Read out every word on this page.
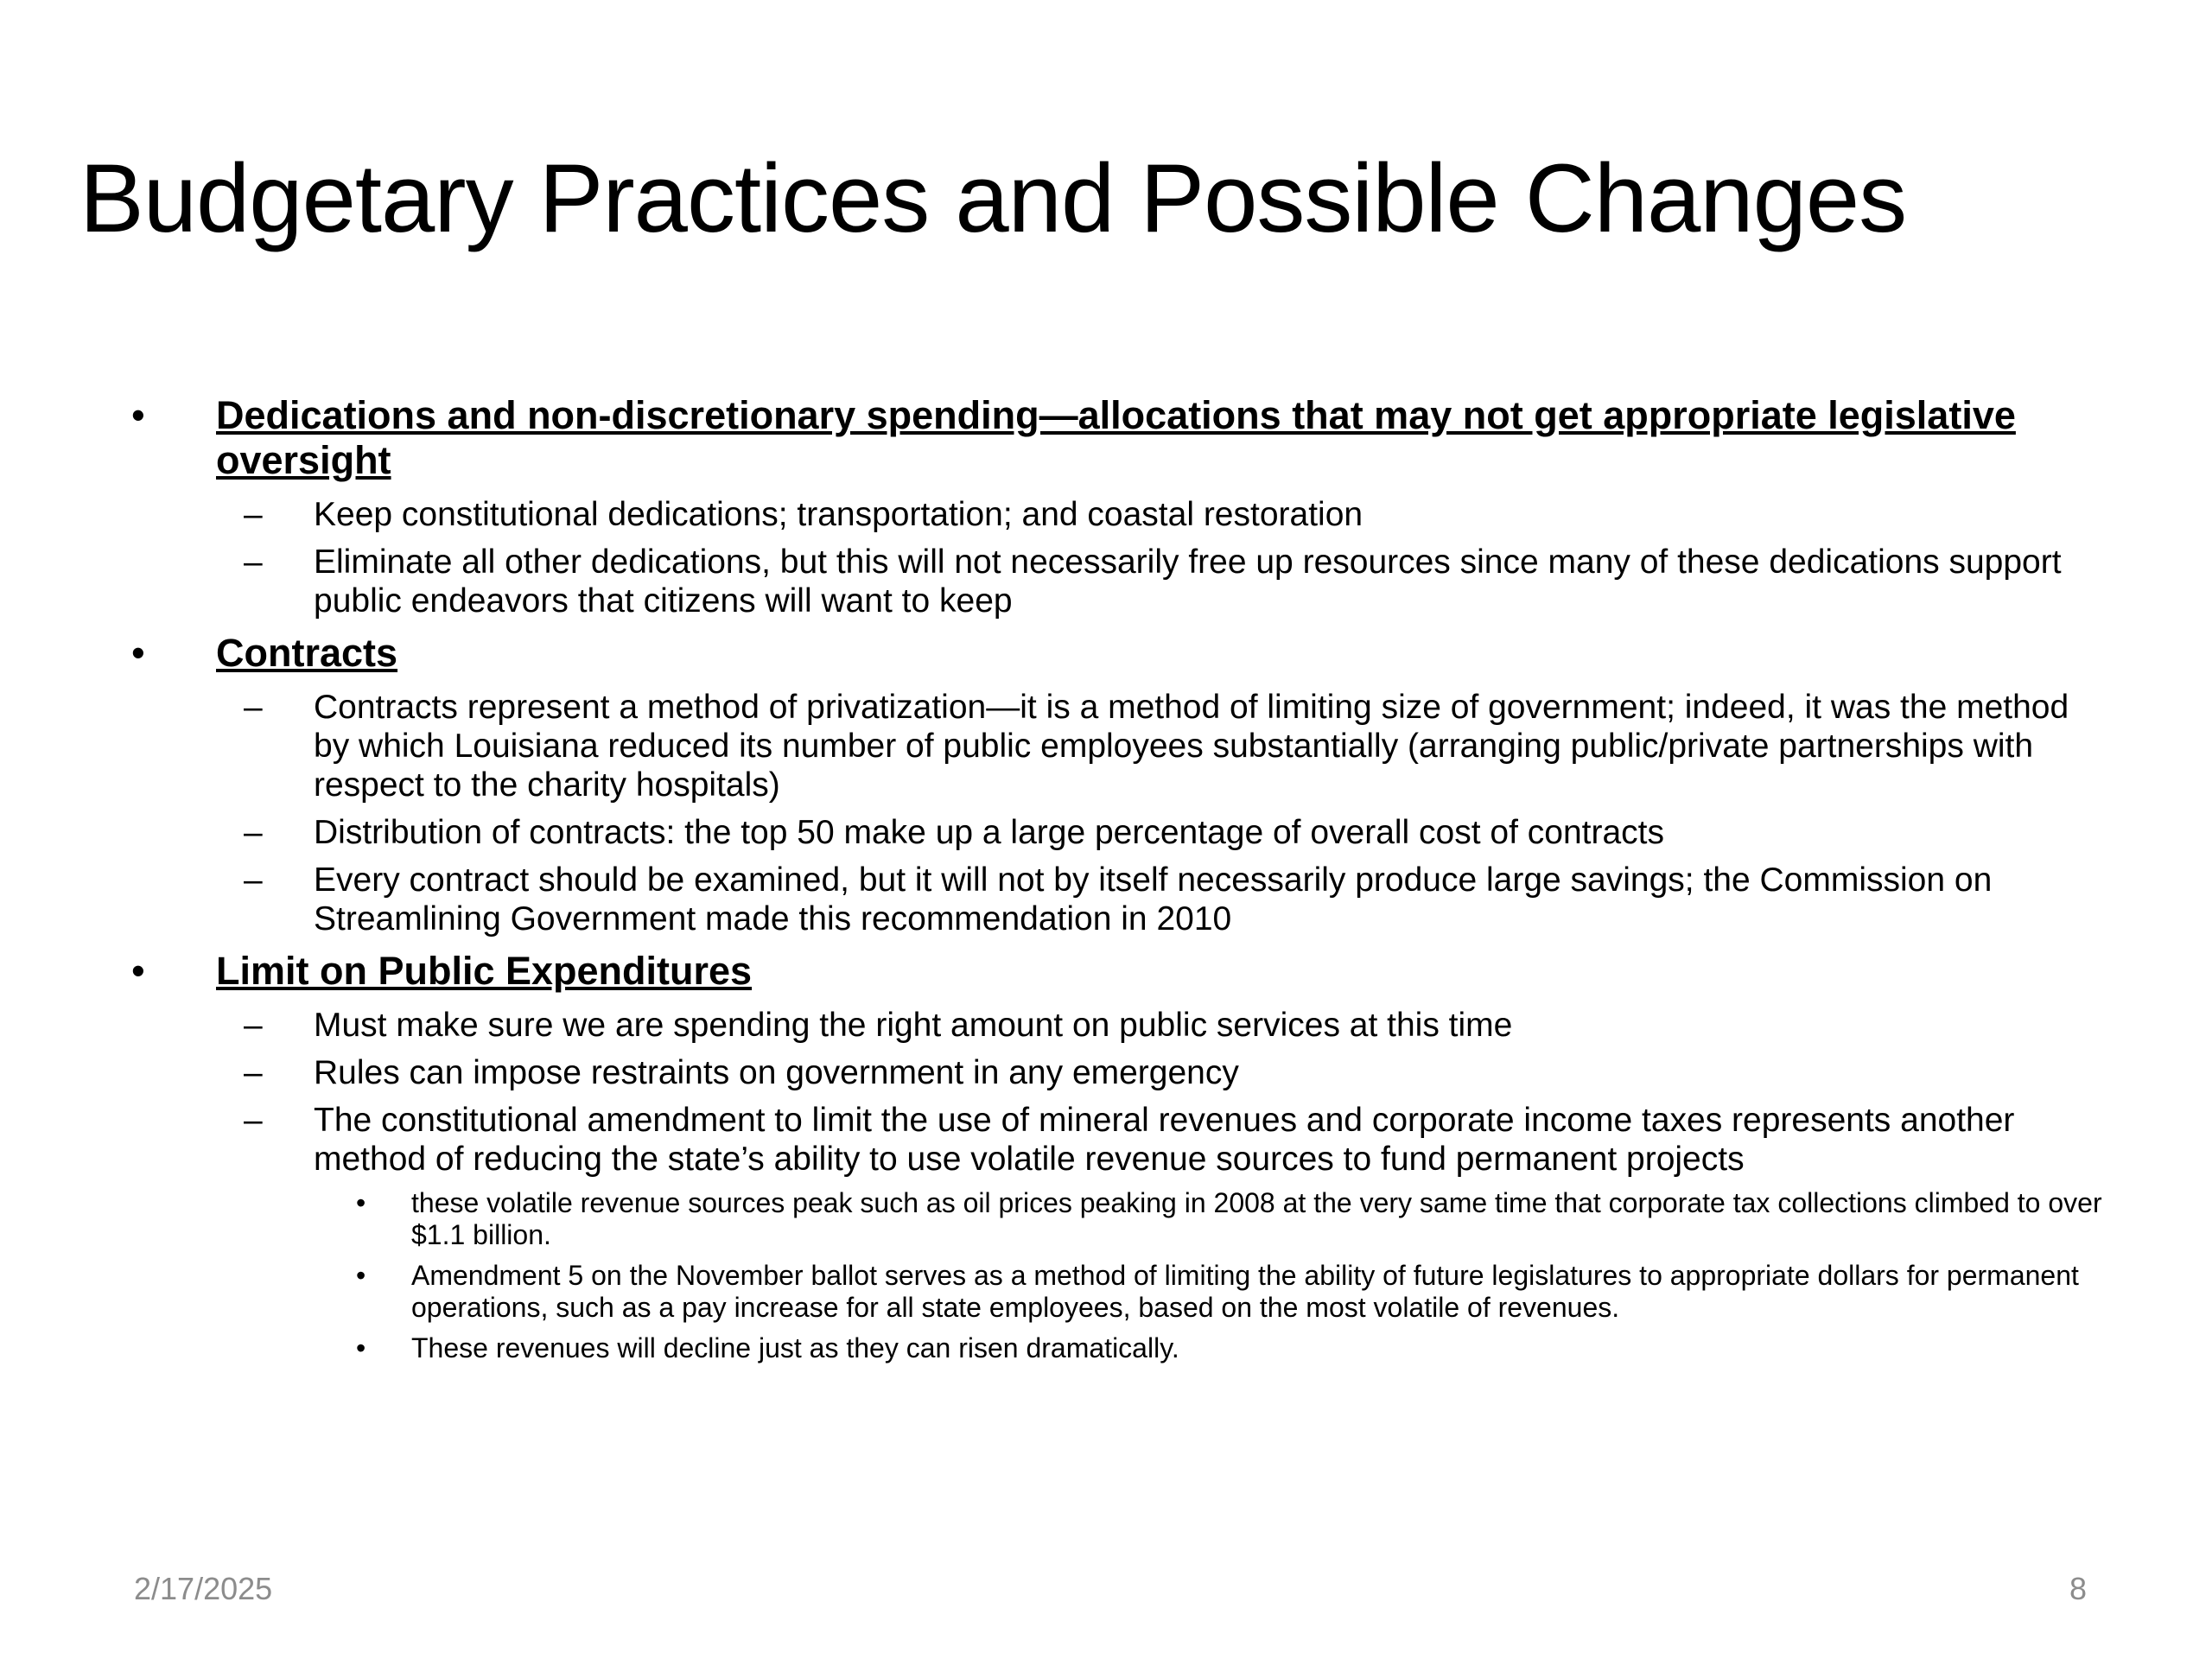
Budgetary Practices and Possible Changes
• Dedications and non-discretionary spending—allocations that may not get appropriate legislative oversight
– Keep constitutional dedications; transportation; and coastal restoration
– Eliminate all other dedications, but this will not necessarily free up resources since many of these dedications support public endeavors that citizens will want to keep
• Contracts
– Contracts represent a method of privatization—it is a method of limiting size of government; indeed, it was the method by which Louisiana reduced its number of public employees substantially (arranging public/private partnerships with respect to the charity hospitals)
– Distribution of contracts: the top 50 make up a large percentage of overall cost of contracts
– Every contract should be examined, but it will not by itself necessarily produce large savings; the Commission on Streamlining Government made this recommendation in 2010
• Limit on Public Expenditures
– Must make sure we are spending the right amount on public services at this time
– Rules can impose restraints on government in any emergency
– The constitutional amendment to limit the use of mineral revenues and corporate income taxes represents another method of reducing the state’s ability to use volatile revenue sources to fund permanent projects
• these volatile revenue sources peak such as oil prices peaking in 2008 at the very same time that corporate tax collections climbed to over $1.1 billion.
• Amendment 5 on the November ballot serves as a method of limiting the ability of future legislatures to appropriate dollars for permanent operations, such as a pay increase for all state employees, based on the most volatile of revenues.
• These revenues will decline just as they can risen dramatically.
2/17/2025	8
